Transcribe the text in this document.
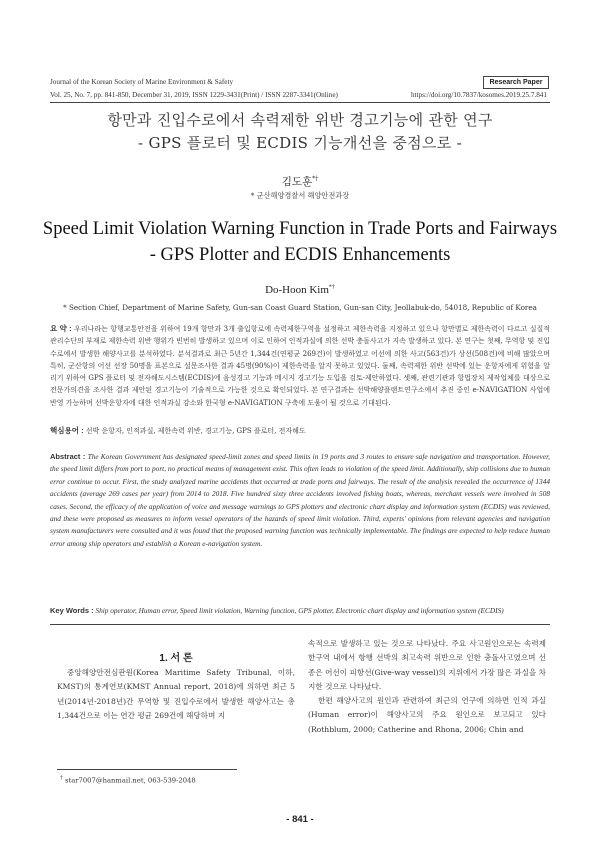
Journal of the Korean Society of Marine Environment & Safety	Research Paper
Vol. 25, No. 7, pp. 841-850, December 31, 2019, ISSN 1229-3431(Print) / ISSN 2287-3341(Online)	https://doi.org/10.7837/kosomes.2019.25.7.841
항만과 진입수로에서 속력제한 위반 경고기능에 관한 연구
- GPS 플로터 및 ECDIS 기능개선을 중점으로 -
김도훈*†
* 군산해양경찰서 해양안전과장
Speed Limit Violation Warning Function in Trade Ports and Fairways
- GPS Plotter and ECDIS Enhancements
Do-Hoon Kim*†
* Section Chief, Department of Marine Safety, Gun-san Coast Guard Station, Gun-san City, Jeollabuk-do, 54018, Republic of Korea
요 약 : 우리나라는 항행교통안전을 위하여 19개 항만과 3개 출입항로에 속력제한구역을 설정하고 제한속력을 지정하고 있으나 항만별로 제한속력이 다르고 실질적 관리수단의 부재로 제한속력 위반 행위가 빈번히 발생하고 있으며 이로 인하여 인적과실에 의한 선박 충돌사고가 지속 발생하고 있다. 본 연구는 첫째, 무역항 및 진입수로에서 발생한 해양사고를 분석하였다. 분석결과로 최근 5년간 1,344건(연평균 269건)이 발생하였고 어선에 의한 사고(563건)가 상선(508건)에 비해 많았으며 특히, 군산항의 어선 선장 50명을 표본으로 설문조사한 결과 45명(90%)이 제한속력을 알지 못하고 있었다. 둘째, 속력제한 위반 선박에 있는 운항자에게 위험을 알리기 위하여 GPS 플로터 및 전자해도시스템(ECDIS)에 음성경고 기능과 메시지 경고기능 도입을 검토·제안하였다. 셋째, 관련기관과 항법장치 제작업체를 대상으로 전문가의견을 조사한 결과 제안된 경고기능이 기술적으로 가능한 것으로 확인되었다. 본 연구결과는 선박해양플랜트연구소에서 추진 중인 e-NAVIGATION 사업에 반영 가능하며 선박운항자에 대한 인적과실 감소와 한국형 e-NAVIGATION 구축에 도움이 될 것으로 기대된다.
핵심용어 : 선박 운항자, 인적과실, 제한속력 위반, 경고기능, GPS 플로터, 전자해도
Abstract : The Korean Government has designated speed-limit zones and speed limits in 19 ports and 3 routes to ensure safe navigation and transportation. However, the speed limit differs from port to port, no practical means of management exist. This often leads to violation of the speed limit. Additionally, ship collisions due to human error continue to occur. First, the study analyzed marine accidents that occurred at trade ports and fairways. The result of the analysis revealed the occurrence of 1344 accidents (average 269 cases per year) from 2014 to 2018. Five hundred sixty three accidents involved fishing boats, whereas, merchant vessels were involved in 508 cases. Second, the efficacy of the application of voice and message warnings to GPS plotters and electronic chart display and information system (ECDIS) was reviewed, and these were proposed as measures to inform vessel operators of the hazards of speed limit violation. Third, experts' opinions from relevant agencies and navigation system manufacturers were consulted and it was found that the proposed warning function was technically implementable. The findings are expected to help reduce human error among ship operators and establish a Korean e-navigation system.
Key Words : Ship operator, Human error, Speed limit violation, Warning function, GPS plotter, Electronic chart display and information system (ECDIS)
1. 서 론
중앙해양안전심판원(Korea Maritime Safety Tribunal, 이하, KMST)의 통계연보(KMST Annual report, 2018)에 의하면 최근 5년(2014년-2018년)간 무역항 및 진입수로에서 발생한 해양사고는 총 1,344건으로 이는 연간 평균 269건에 해당하며 지
속적으로 발생하고 있는 것으로 나타났다. 주요 사고원인으로는 속력제한구역 내에서 항행 선박의 최고속력 위반으로 인한 충돌사고였으며 선종은 어선이 피항선(Give-way vessel)의 지위에서 가장 많은 과실을 차지한 것으로 나타났다.
한편 해양사고의 원인과 관련하여 최근의 연구에 의하면 인적 과실(Human error)이 해양사고의 주요 원인으로 보고되고 있다(Rothblum, 2000; Catherine and Rhona, 2006; Chin and
† star7007@hanmail.net, 063-539-2048
- 841 -
